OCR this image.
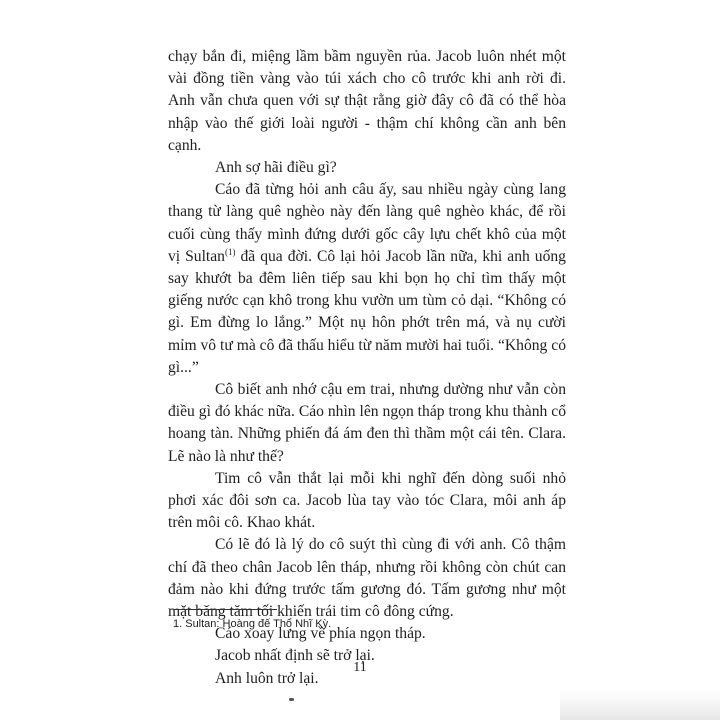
chạy bắn đi, miệng lầm bầm nguyền rủa. Jacob luôn nhét một vài đồng tiền vàng vào túi xách cho cô trước khi anh rời đi. Anh vẫn chưa quen với sự thật rằng giờ đây cô đã có thể hòa nhập vào thế giới loài người - thậm chí không cần anh bên cạnh.

Anh sợ hãi điều gì?

Cáo đã từng hỏi anh câu ấy, sau nhiều ngày cùng lang thang từ làng quê nghèo này đến làng quê nghèo khác, để rồi cuối cùng thấy mình đứng dưới gốc cây lựu chết khô của một vị Sultan$^{(1)}$ đã qua đời. Cô lại hỏi Jacob lần nữa, khi anh uống say khướt ba đêm liên tiếp sau khi bọn họ chỉ tìm thấy một giếng nước cạn khô trong khu vườn um tùm cỏ dại. “Không có gì. Em đừng lo lắng.” Một nụ hôn phớt trên má, và nụ cười mỉm vô tư mà cô đã thấu hiểu từ năm mười hai tuổi. “Không có gì...”

Cô biết anh nhớ cậu em trai, nhưng dường như vẫn còn điều gì đó khác nữa. Cáo nhìn lên ngọn tháp trong khu thành cổ hoang tàn. Những phiến đá ám đen thì thầm một cái tên. Clara. Lẽ nào là như thế?

Tim cô vẫn thắt lại mỗi khi nghĩ đến dòng suối nhỏ phơi xác đôi sơn ca. Jacob lùa tay vào tóc Clara, môi anh áp trên môi cô. Khao khát.

Có lẽ đó là lý do cô suýt thì cùng đi với anh. Cô thậm chí đã theo chân Jacob lên tháp, nhưng rồi không còn chút can đảm nào khi đứng trước tấm gương đó. Tấm gương như một mặt băng tăm tối khiến trái tim cô đông cứng.

Cáo xoay lưng về phía ngọn tháp.

Jacob nhất định sẽ trở lại.

Anh luôn trở lại.

1. Sultan: Hoàng đế Thổ Nhĩ Kỳ.
11
